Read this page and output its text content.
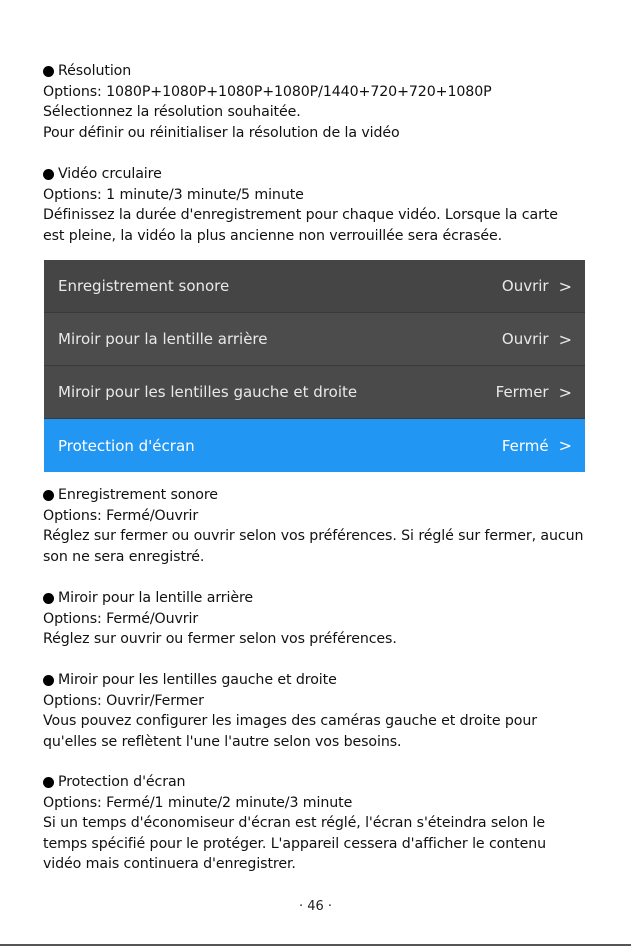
Résolution

Options: 1080P+1080P+1080P+1080P/1440+720+720+1080P

Sélectionnez la résolution souhaitée.

Pour définir ou réinitialiser la résolution de la vidéo

Vidéo crculaire

Options: 1 minute/3 minute/5 minute

Définissez la durée d'enregistrement pour chaque vidéo. Lorsque la carte

est pleine, la vidéo la plus ancienne non verrouillée sera écrasée.

Enregistrement sonore	Ouvrir >
Miroir pour la lentille arrière	Ouvrir >
Miroir pour les lentilles gauche et droite	Fermer >
Protection d'écran	Fermé >

Enregistrement sonore

Options: Fermé/Ouvrir

Réglez sur fermer ou ouvrir selon vos préférences. Si réglé sur fermer, aucun

son ne sera enregistré.

Miroir pour la lentille arrière

Options: Fermé/Ouvrir

Réglez sur ouvrir ou fermer selon vos préférences.

Miroir pour les lentilles gauche et droite

Options: Ouvrir/Fermer

Vous pouvez configurer les images des caméras gauche et droite pour

qu'elles se reflètent l'une l'autre selon vos besoins.

Protection d'écran

Options: Fermé/1 minute/2 minute/3 minute

Si un temps d'économiseur d'écran est réglé, l'écran s'éteindra selon le

temps spécifié pour le protéger. L'appareil cessera d'afficher le contenu

vidéo mais continuera d'enregistrer.

· 46 ·
